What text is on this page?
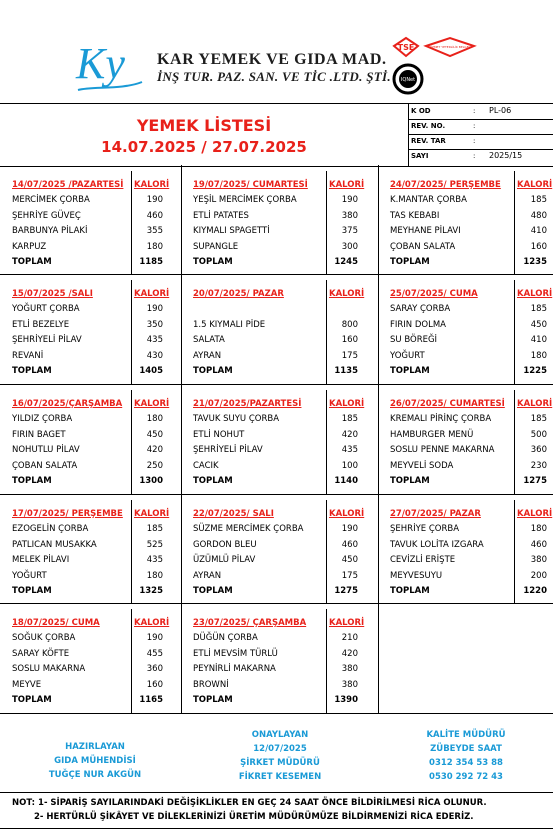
Ky KAR YEMEK VE GIDA MAD.
İNŞ TUR. PAZ. SAN. VE TİC .LTD. ŞTİ.
TSE	HİZMET YETERLİLİK BELGELİ
IQNet
YEMEK LİSTESİ
14.07.2025 / 27.07.2025
K OD	: PL-06
REV. NO.	:
REV. TAR	:
SAYI	: 2025/15
14/07/2025 /PAZARTESİ KALORİ
MERCİMEK ÇORBA	190
ŞEHRİYE GÜVEÇ	460
BARBUNYA PİLAKİ	355
KARPUZ	180
TOPLAM	1185
19/07/2025/ CUMARTESİ KALORİ
YEŞİL MERCİMEK ÇORBA	190
ETLİ PATATES	380
KIYMALI SPAGETTİ	375
SUPANGLE	300
TOPLAM	1245
24/07/2025/ PERŞEMBE KALORİ
K.MANTAR ÇORBA	185
TAS KEBABI	480
MEYHANE PİLAVI	410
ÇOBAN SALATA	160
TOPLAM	1235
15/07/2025 /SALI	KALORİ
YOĞURT ÇORBA	190
ETLİ BEZELYE	350
ŞEHRİYELİ PİLAV	435
REVANİ	430
TOPLAM	1405
20/07/2025/ PAZAR	KALORİ
1.5 KIYMALI PİDE	800
SALATA	160
AYRAN	175
TOPLAM	1135
25/07/2025/ CUMA	KALORİ
SARAY ÇORBA	185
FIRIN DOLMA	450
SU BÖREĞİ	410
YOĞURT	180
TOPLAM	1225
16/07/2025/ÇARŞAMBA KALORİ
YILDIZ ÇORBA	180
FIRIN BAGET	450
NOHUTLU PİLAV	420
ÇOBAN SALATA	250
TOPLAM	1300
21/07/2025/PAZARTESİ	KALORİ
TAVUK SUYU ÇORBA	185
ETLİ NOHUT	420
ŞEHRİYELİ PİLAV	435
CACIK	100
TOPLAM	1140
26/07/2025/ CUMARTESİ KALORİ
KREMALI PİRİNÇ ÇORBA	185
HAMBURGER MENÜ	500
SOSLU PENNE MAKARNA	360
MEYVELİ SODA	230
TOPLAM	1275
17/07/2025/ PERŞEMBE KALORİ
EZOGELİN ÇORBA	185
PATLICAN MUSAKKA	525
MELEK PİLAVI	435
YOĞURT	180
TOPLAM	1325
22/07/2025/ SALI	KALORİ
SÜZME MERCİMEK ÇORBA	190
GORDON BLEU	460
ÜZÜMLÜ PİLAV	450
AYRAN	175
TOPLAM	1275
27/07/2025/ PAZAR	KALORİ
ŞEHRİYE ÇORBA	180
TAVUK LOLİTA IZGARA	460
CEVİZLİ ERİŞTE	380
MEYVESUYU	200
TOPLAM	1220
18/07/2025/ CUMA	KALORİ
SOĞUK ÇORBA	190
SARAY KÖFTE	455
SOSLU MAKARNA	360
MEYVE	160
TOPLAM	1165
23/07/2025/ ÇARŞAMBA	KALORİ
DÜĞÜN ÇORBA	210
ETLİ MEVSİM TÜRLÜ	420
PEYNİRLİ MAKARNA	380
BROWNİ	380
TOPLAM	1390
HAZIRLAYAN
GIDA MÜHENDİSİ
TUĞÇE NUR AKGÜN
ONAYLAYAN
12/07/2025
ŞİRKET MÜDÜRÜ
FİKRET KESEMEN
KALİTE MÜDÜRÜ
ZÜBEYDE SAAT
0312 354 53 88
0530 292 72 43
NOT: 1- SİPARİŞ SAYILARINDAKİ DEĞİŞİKLİKLER EN GEÇ 24 SAAT ÖNCE BİLDİRİLMESİ RİCA OLUNUR.
2- HERTÜRLÜ ŞİKÂYET VE DİLEKLERİNİZİ ÜRETİM MÜDÜRÜMÜZE BİLDİRMENİZİ RİCA EDERİZ.
